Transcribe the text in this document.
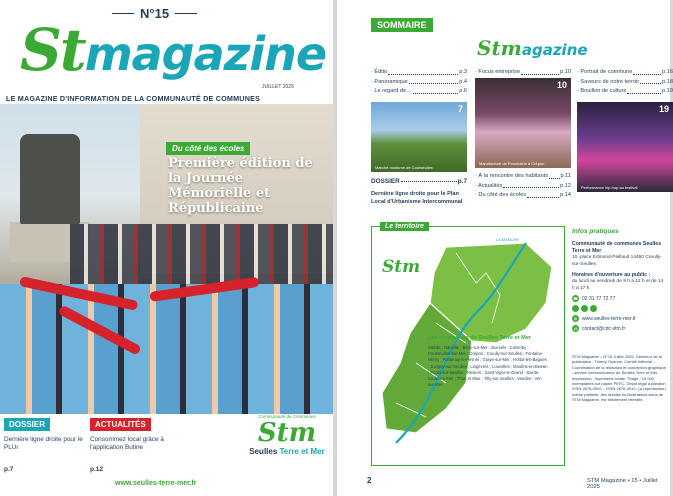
N°15
Stmagazine
JUILLET 2025
LE MAGAZINE D'INFORMATION DE LA COMMUNAUTÉ DE COMMUNES
Du côté des écoles
Première édition de la Journée Mémorielle et Républicaine
DOSSIER
Dernière ligne droite pour le PLUi
p.7
ACTUALITÉS
Consommez local grâce à l'application Butine
p.12
www.seulles-terre-mer.fr
Communauté de Communes
Stm
Seulles Terre et Mer
SOMMAIRE
Stmagazine
· Édito	p.3
· Panoramique	p.4
· Le regard de…	p.6
· Focus entreprise	p.10
· À la rencontre des habitants p.11
· Actualités	p.12
· Du côté des écoles	p.14
· Portrait de commune	p.16
· Saveurs de notre terroir	p.18
· Bouillon de culture	p.19
7
Marché nocturne de Courseulles
10
Manufacture de Porcelaine à Crépon
19
Performance hip-hop au festival
DOSSIER	p.7
Dernière ligne droite pour le Plan Local d'Urbanisme Intercommunal
Le territoire
LA MANCHE
Stm
Les communes de Seulles Terre et Mer
Amblie ; Banville ; Bény-sur-Mer ; Bucéels ; Colomby ; Courseulles-sur-Mer ; Crépon ; Creully-sur-Seulles ; Fontaine-Henry ; Fontenay-le-Pesnel ; Graye-sur-Mer ; Hottot-les-Bagues ; Juvigny-sur-Seulles ; Lingèvres ; Loucelles ; Moulins-en-Bessin ; Ponts-sur-Seulles ; Reviers ; Saint-Vigor-le-Grand ; Sainte-Croix-sur-Mer ; Thue et Mue ; Tilly-sur-Seulles ; Vendes ; Ver-sur-Mer.
Infos pratiques
Communauté de communes Seulles Terre et Mer
10, place Edmond-Paillaud 14480 Creully-sur-Seulles
Horaires d'ouverture au public :
du lundi au vendredi de 9 h à 12 h et de 14 h à 17 h
☎ 02 31 77 72 77
◍ www.seulles-terre-mer.fr
@ contact@cdc-stm.fr
STM Magazine – N°15 Juillet 2025. Directeur de la publication : Thierry Osenne. Comité éditorial – Coordination de la rédaction et conception graphique : service communication de Seulles Terre et Mer. Impression : imprimerie locale. Tirage : 15 000 exemplaires sur papier PEFC. Dépôt légal à parution. ISSN 2676-0002 – ISSN 2676-0010. La reproduction, même partielle, des articles ou illustrations issus de STM Magazine, est strictement interdite.
2	STM Magazine • 15 • Juillet 2025
